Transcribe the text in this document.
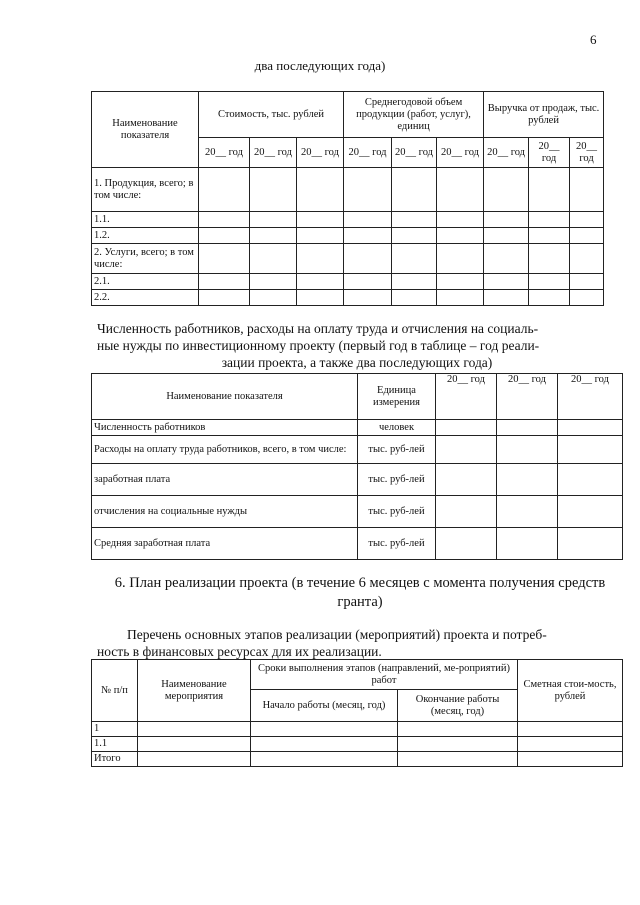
6
два последующих года)
Наименование показателя	Стоимость, тыс. рублей			Среднегодовой объем продукции (работ, услуг), единиц			Выручка от продаж, тыс. рублей		
	20__ год	20__ год	20__ год	20__ год	20__ год	20__ год	20__ год	20__ год	20__ год
1. Продукция, всего; в том числе:									
1.1.									
1.2.									
2. Услуги, всего; в том числе:									
2.1.									
2.2.									
Численность работников, расходы на оплату труда и отчисления на социаль-
ные нужды по инвестиционному проекту (первый год в таблице – год реали-
зации проекта, а также два последующих года)
Наименование показателя	Единица измерения	20__ год	20__ год	20__ год
Численность работников	человек			
Расходы на оплату труда работников, всего, в том числе:	тыс. руб-лей			
заработная плата	тыс. руб-лей			
отчисления на социальные нужды	тыс. руб-лей			
Средняя заработная плата	тыс. руб-лей			
6. План реализации проекта (в течение 6 месяцев с момента получения средств гранта)
Перечень основных этапов реализации (мероприятий) проекта и потреб-
ность в финансовых ресурсах для их реализации.
№ п/п	Наименование мероприятия	Сроки выполнения этапов (направлений, ме-роприятий) работ		Сметная стои-мость, рублей
		Начало работы (месяц, год)	Окончание работы (месяц, год)	
1				
1.1				
Итого				
